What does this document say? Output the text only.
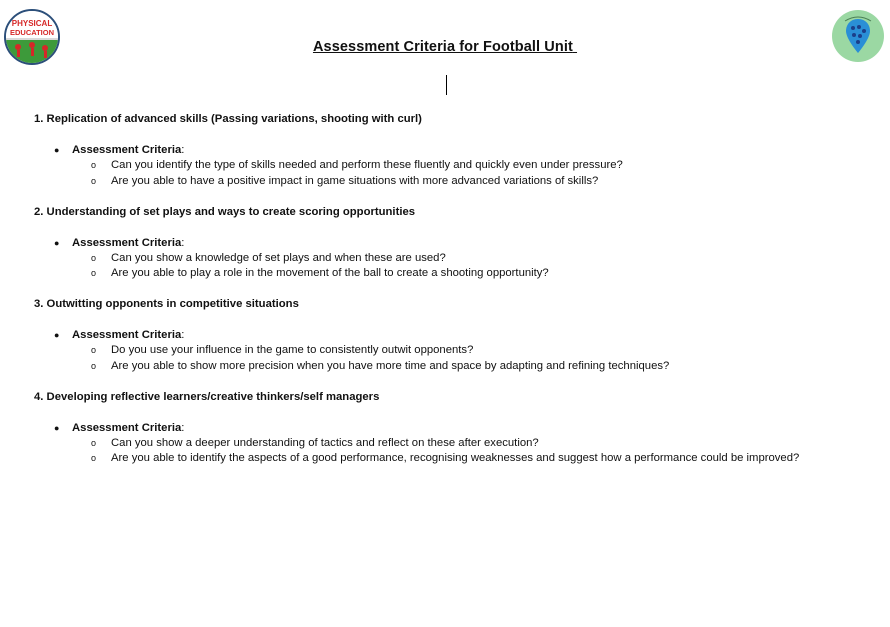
PHYSICAL
EDUCATION
Assessment Criteria for Football Unit
1. Replication of advanced skills (Passing variations, shooting with curl)
● Assessment Criteria:
o Can you identify the type of skills needed and perform these fluently and quickly even under pressure?
o Are you able to have a positive impact in game situations with more advanced variations of skills?
2. Understanding of set plays and ways to create scoring opportunities
● Assessment Criteria:
o Can you show a knowledge of set plays and when these are used?
o Are you able to play a role in the movement of the ball to create a shooting opportunity?
3. Outwitting opponents in competitive situations
● Assessment Criteria:
o Do you use your influence in the game to consistently outwit opponents?
o Are you able to show more precision when you have more time and space by adapting and refining techniques?
4. Developing reflective learners/creative thinkers/self managers
● Assessment Criteria:
o Can you show a deeper understanding of tactics and reflect on these after execution?
o Are you able to identify the aspects of a good performance, recognising weaknesses and suggest how a performance could be improved?
